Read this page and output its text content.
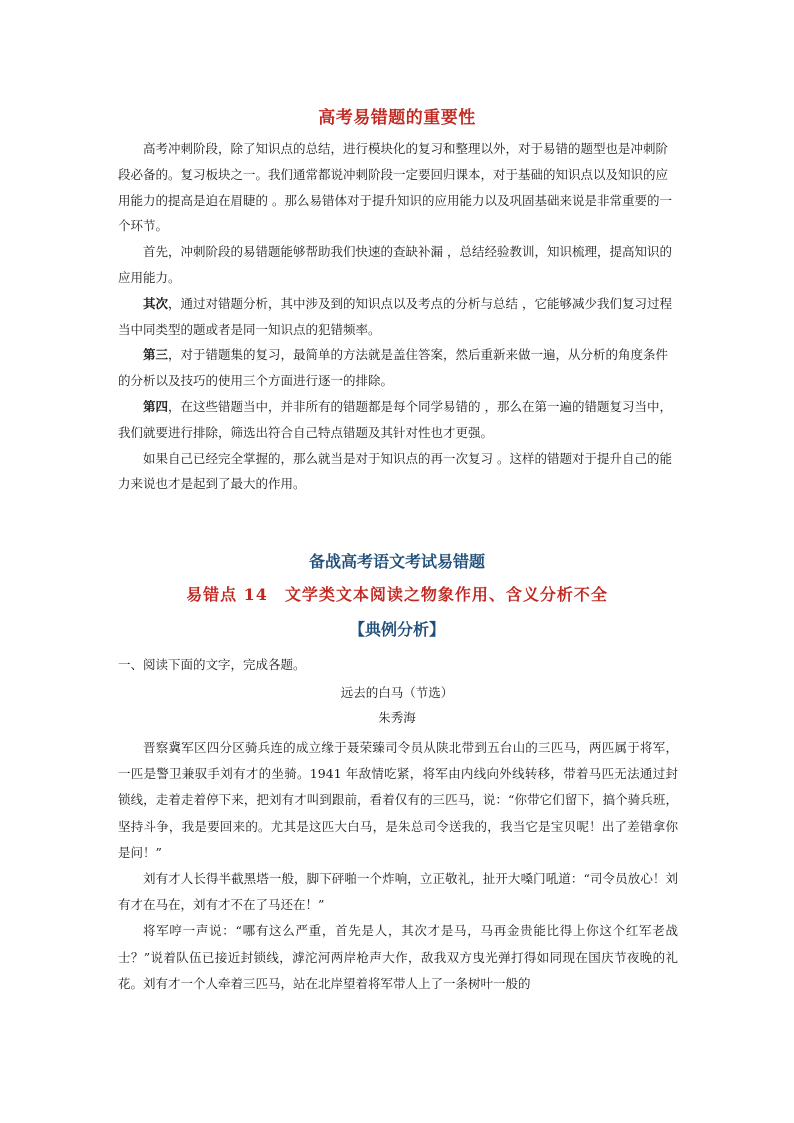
高考易错题的重要性

高考冲刺阶段，除了知识点的总结，进行模块化的复习和整理以外，对于易错的题型也是冲刺阶段必备的。复习板块之一。我们通常都说冲刺阶段一定要回归课本，对于基础的知识点以及知识的应用能力的提高是迫在眉睫的 。那么易错体对于提升知识的应用能力以及巩固基础来说是非常重要的一个环节。

首先，冲刺阶段的易错题能够帮助我们快速的查缺补漏 ，总结经验教训，知识梳理，提高知识的应用能力。

其次，通过对错题分析，其中涉及到的知识点以及考点的分析与总结 ，它能够减少我们复习过程当中同类型的题或者是同一知识点的犯错频率。

第三，对于错题集的复习，最简单的方法就是盖住答案，然后重新来做一遍，从分析的角度条件的分析以及技巧的使用三个方面进行逐一的排除。

第四，在这些错题当中，并非所有的错题都是每个同学易错的 ，那么在第一遍的错题复习当中，我们就要进行排除，筛选出符合自己特点错题及其针对性也才更强。

如果自己已经完全掌握的，那么就当是对于知识点的再一次复习 。这样的错题对于提升自己的能力来说也才是起到了最大的作用。

备战高考语文考试易错题
易错点 14　文学类文本阅读之物象作用、含义分析不全
【典例分析】
一、阅读下面的文字，完成各题。
远去的白马（节选）
朱秀海

晋察冀军区四分区骑兵连的成立缘于聂荣臻司令员从陕北带到五台山的三匹马，两匹属于将军，一匹是警卫兼驭手刘有才的坐骑。1941 年敌情吃紧，将军由内线向外线转移，带着马匹无法通过封锁线，走着走着停下来，把刘有才叫到跟前，看着仅有的三匹马，说：“你带它们留下，搞个骑兵班，坚持斗争，我是要回来的。尤其是这匹大白马，是朱总司令送我的，我当它是宝贝呢！出了差错拿你是问！”

刘有才人长得半截黑塔一般，脚下砰啪一个炸响，立正敬礼，扯开大嗓门吼道：“司令员放心！刘有才在马在，刘有才不在了马还在！”

将军哼一声说：“哪有这么严重，首先是人，其次才是马，马再金贵能比得上你这个红军老战士？”说着队伍已接近封锁线，滹沱河两岸枪声大作，敌我双方曳光弹打得如同现在国庆节夜晚的礼花。刘有才一个人牵着三匹马，站在北岸望着将军带人上了一条树叶一般的
